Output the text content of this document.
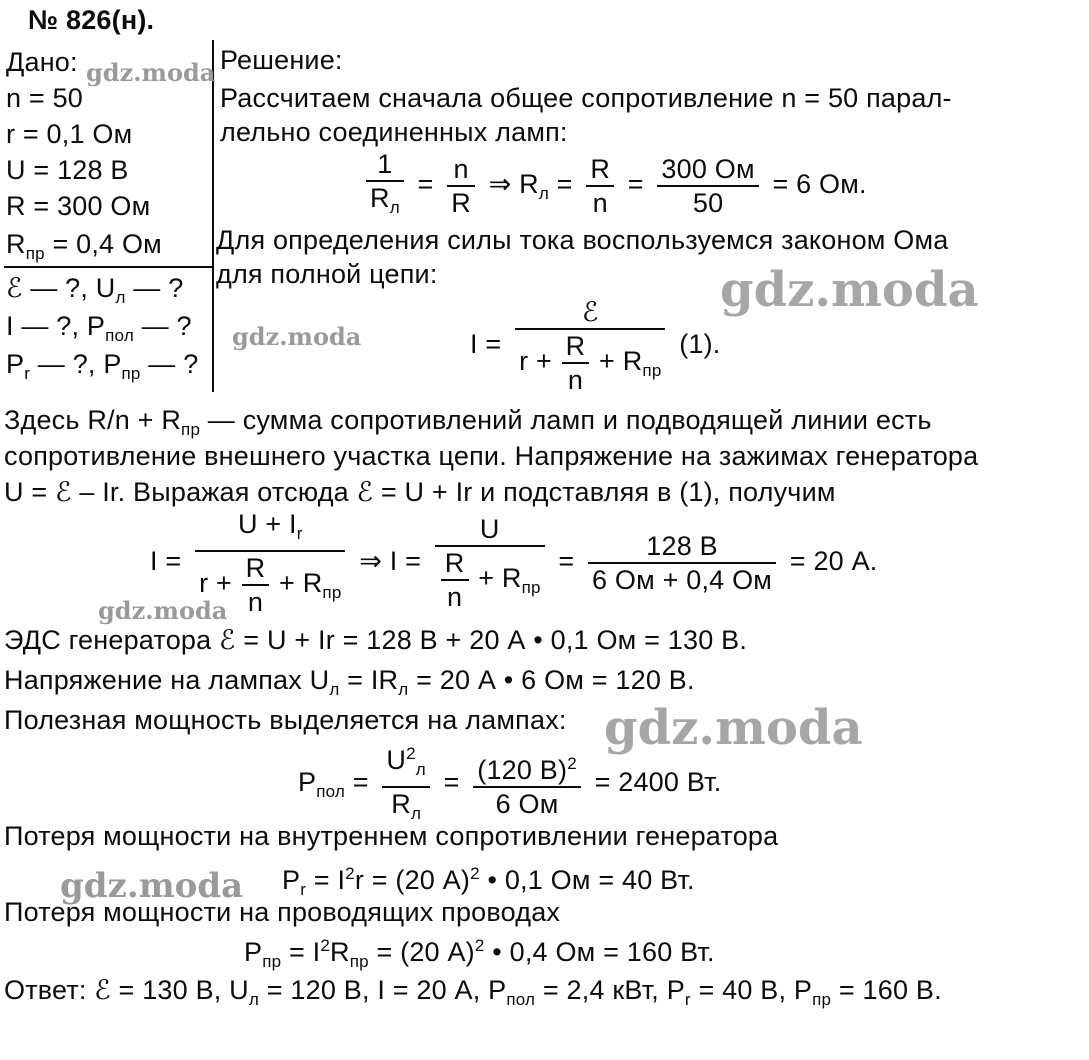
№ 826(н).
Дано:
n = 50
r = 0,1 Ом
U = 128 В
R = 300 Ом
$R_{пр} = 0,4$ Ом
ℰ — ?, $U_л$ — ?
I — ?, $P_{пол}$ — ?
$P_r$ — ?, $P_{пр}$ — ?
Решение:
Рассчитаем сначала общее сопротивление n = 50 парал-
лельно соединенных ламп:
$\frac{1}{R_л} = \frac{n}{R}$ ⇒ $R_л = \frac{R}{n} = \frac{300 Ом}{50} = 6$ Ом.
Для определения силы тока воспользуемся законом Ома
для полной цепи:
$I = \frac{\text{ℰ}}{r + \frac{R}{n} + R_{пр}} (1)$.
Здесь $R/n + R_{пр}$ — сумма сопротивлений ламп и подводящей линии есть
сопротивление внешнего участка цепи. Напряжение на зажимах генератора
U = ℰ – Ir. Выражая отсюда ℰ = U + Ir и подставляя в (1), получим
$I = \frac{U + I_r}{r + \frac{R}{n} + R_{пр}}$ ⇒ $I = \frac{U}{\frac{R}{n} + R_{пр}} = \frac{128 В}{6 Ом + 0,4 Ом} = 20$ А.
ЭДС генератора ℰ = U + Ir = 128 В + 20 А • 0,1 Ом = 130 В.
Напряжение на лампах $U_л = IR_л = 20$ А • 6 Ом = 120 В.
Полезная мощность выделяется на лампах:
$P_{пол} = \frac{U^2_л}{R_л} = \frac{(120 В)^2}{6 Ом} = 2400$ Вт.
Потеря мощности на внутреннем сопротивлении генератора
$P_r = I^2r = (20$ А)$^2$ • 0,1 Ом = 40 Вт.
Потеря мощности на проводящих проводах
$P_{пр} = I^2R_{пр} = (20$ А)$^2$ • 0,4 Ом = 160 Вт.
Ответ: ℰ = 130 В, $U_л = 120$ В, I = 20 А, $P_{пол} = 2,4$ кВт, $P_r = 40$ В, $P_{пр} = 160$ В.
gdz.moda
gdz.moda
gdz.moda
gdz.moda
gdz.moda
gdz.moda
